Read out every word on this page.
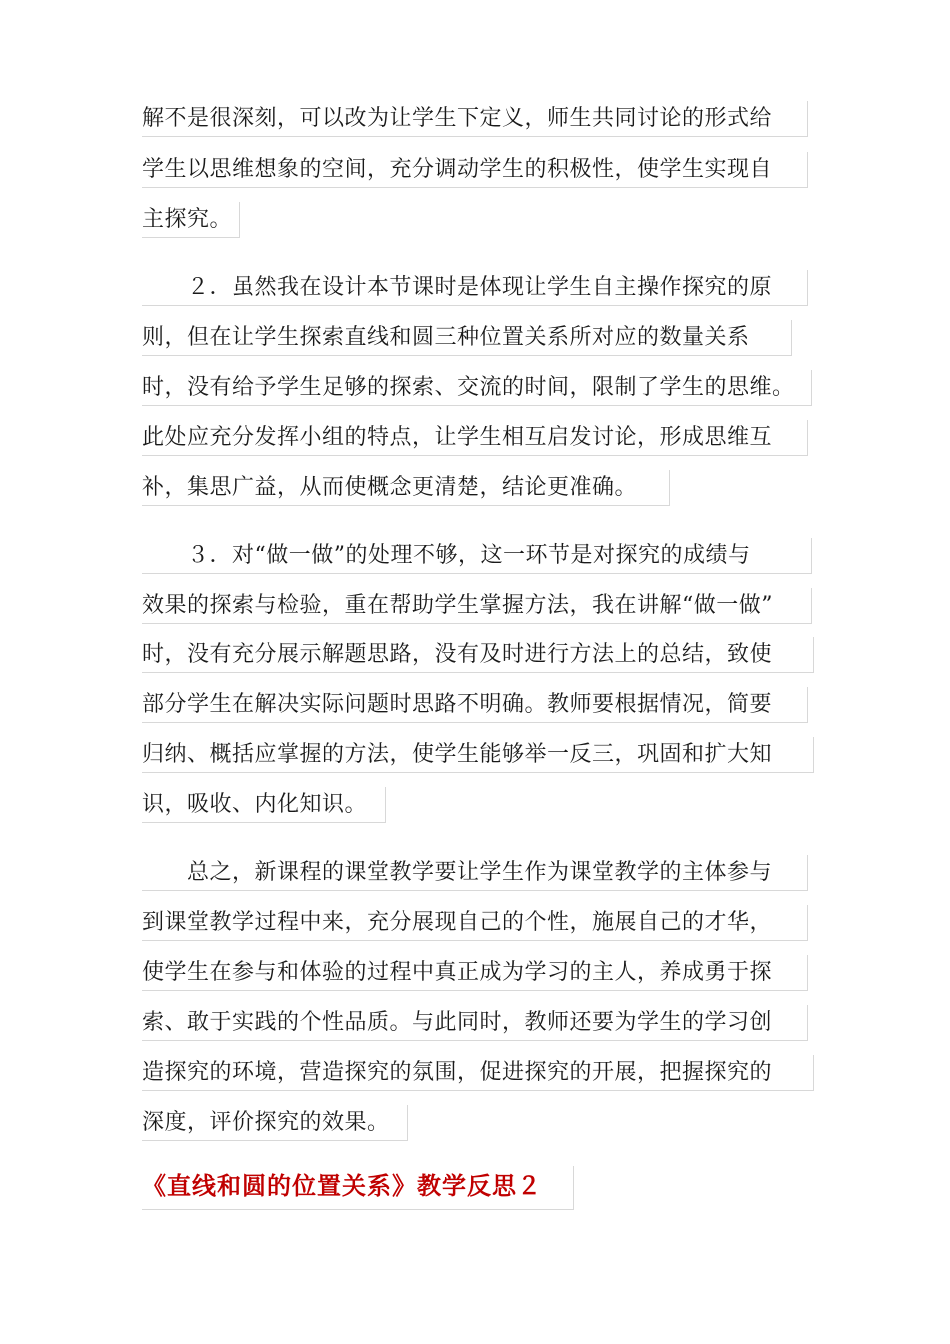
解不是很深刻，可以改为让学生下定义，师生共同讨论的形式给
学生以思维想象的空间，充分调动学生的积极性，使学生实现自
主探究。
　　２．虽然我在设计本节课时是体现让学生自主操作探究的原
则，但在让学生探索直线和圆三种位置关系所对应的数量关系
时，没有给予学生足够的探索、交流的时间，限制了学生的思维。
此处应充分发挥小组的特点，让学生相互启发讨论，形成思维互
补，集思广益，从而使概念更清楚，结论更准确。
　　３．对“做一做”的处理不够，这一环节是对探究的成绩与
效果的探索与检验，重在帮助学生掌握方法，我在讲解“做一做”
时，没有充分展示解题思路，没有及时进行方法上的总结，致使
部分学生在解决实际问题时思路不明确。教师要根据情况，简要
归纳、概括应掌握的方法，使学生能够举一反三，巩固和扩大知
识，吸收、内化知识。
　　总之，新课程的课堂教学要让学生作为课堂教学的主体参与
到课堂教学过程中来，充分展现自己的个性，施展自己的才华，
使学生在参与和体验的过程中真正成为学习的主人，养成勇于探
索、敢于实践的个性品质。与此同时，教师还要为学生的学习创
造探究的环境，营造探究的氛围，促进探究的开展，把握探究的
深度，评价探究的效果。
《直线和圆的位置关系》教学反思２
